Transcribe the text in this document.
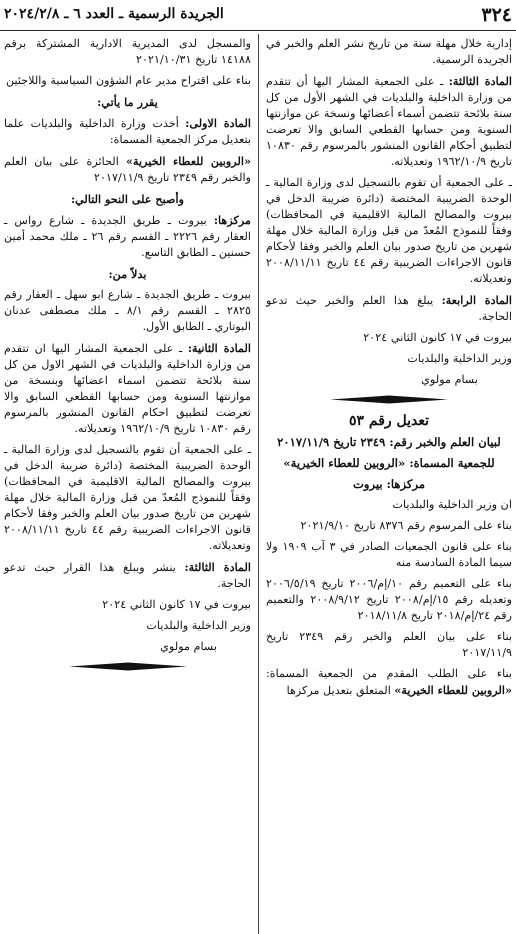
٣٢٤
الجريدة الرسمية ـ العدد ٦ ـ ٢٠٢٤/٢/٨

إدارية خلال مهلة سنة من تاريخ نشر العلم والخبر في الجريدة الرسمية.

المادة الثالثة: ـ على الجمعية المشار اليها أن تتقدم من وزارة الداخلية والبلديات في الشهر الأول من كل سنة بلائحة تتضمن أسماء أعضائها ونسخة عن موازنتها السنوية ومن حسابها القطعي السابق والا تعرضت لتطبيق أحكام القانون المنشور بالمرسوم رقم ١٠٨٣٠ تاريخ ١٩٦٢/١٠/٩ وتعديلاته.

ـ على الجمعية أن تقوم بالتسجيل لدى وزارة المالية ـ الوحدة الضريبية المختصة (دائرة ضريبة الدخل في بيروت والمصالح المالية الاقليمية في المحافظات) وفقاً للنموذج المُعدّ من قبل وزارة المالية خلال مهلة شهرين من تاريخ صدور بيان العلم والخبر وفقا لأحكام قانون الاجراءات الضريبية رقم ٤٤ تاريخ ٢٠٠٨/١١/١١ وتعديلاته.

المادة الرابعة: يبلغ هذا العلم والخبر حيث تدعو الحاجة.

بيروت في ١٧ كانون الثاني ٢٠٢٤

وزير الداخلية والبلديات

بسام مولوي

تعديل رقم ٥٣

لبيان العلم والخبر رقم: ٢٣٤٩ تاريخ ٢٠١٧/١١/٩

للجمعية المسماة: «الروبين للعطاء الخيرية»

مركزها: بيروت

ان وزير الداخلية والبلديات

بناء على المرسوم رقم ٨٣٧٦ تاريخ ٢٠٢١/٩/١٠

بناء على قانون الجمعيات الصادر في ٣ آب ١٩٠٩ ولا سيما المادة السادسة منه

بناء على التعميم رقم ١٠/إم/٢٠٠٦ تاريخ ٢٠٠٦/٥/١٩ وتعديله رقم ١٥/إم/٢٠٠٨ تاريخ ٢٠٠٨/٩/١٢ والتعميم رقم ٢٤/إم/٢٠١٨ تاريخ ٢٠١٨/١١/٨

بناء على بيان العلم والخبر رقم ٢٣٤٩ تاريخ ٢٠١٧/١١/٩

بناء على الطلب المقدم من الجمعية المسماة: «الروبين للعطاء الخيرية» المتعلق بتعديل مركزها

والمسجل لدى المديرية الادارية المشتركة برقم ١٤١٨٨ تاريخ ٢٠٢١/١٠/٣١

بناء على اقتراح مدير عام الشؤون السياسية واللاجئين

يقرر ما يأتي:

المادة الاولى: أخذت وزارة الداخلية والبلديات علما بتعديل مركز الجمعية المسماة:

«الروبين للعطاء الخيرية» الحائزة على بيان العلم والخبر رقم ٢٣٤٩ تاريخ ٢٠١٧/١١/٩

وأصبح على النحو التالي:

مركزها: بيروت ـ طريق الجديدة ـ شارع رواس ـ العقار رقم ٢٢٢٦ ـ القسم رقم ٢٦ ـ ملك محمد أمين حسنين ـ الطابق التاسع.

بدلاً من:

بيروت ـ طريق الجديدة ـ شارع ابو سهل ـ العقار رقم ٢٨٢٥ ـ القسم رقم ٨/١ ـ ملك مصطفى عدنان البوتاري ـ الطابق الأول.

المادة الثانية: ـ على الجمعية المشار اليها ان تتقدم من وزارة الداخلية والبلديات في الشهر الاول من كل سنة بلائحة تتضمن اسماء اعضائها وبنسخة من موازنتها السنوية ومن حسابها القطعي السابق والا تعرضت لتطبيق احكام القانون المنشور بالمرسوم رقم ١٠٨٣٠ تاريخ ١٩٦٢/١٠/٩ وتعديلاته.

ـ على الجمعية أن تقوم بالتسجيل لدى وزارة المالية ـ الوحدة الضريبية المختصة (دائرة ضريبة الدخل في بيروت والمصالح المالية الاقليمية في المحافظات) وفقاً للنموذج المُعدّ من قبل وزارة المالية خلال مهلة شهرين من تاريخ صدور بيان العلم والخبر وفقا لأحكام قانون الاجراءات الضريبية رقم ٤٤ تاريخ ٢٠٠٨/١١/١١ وتعديلاته.

المادة الثالثة: ينشر ويبلغ هذا القرار حيث تدعو الحاجة.

بيروت في ١٧ كانون الثاني ٢٠٢٤

وزير الداخلية والبلديات

بسام مولوي
